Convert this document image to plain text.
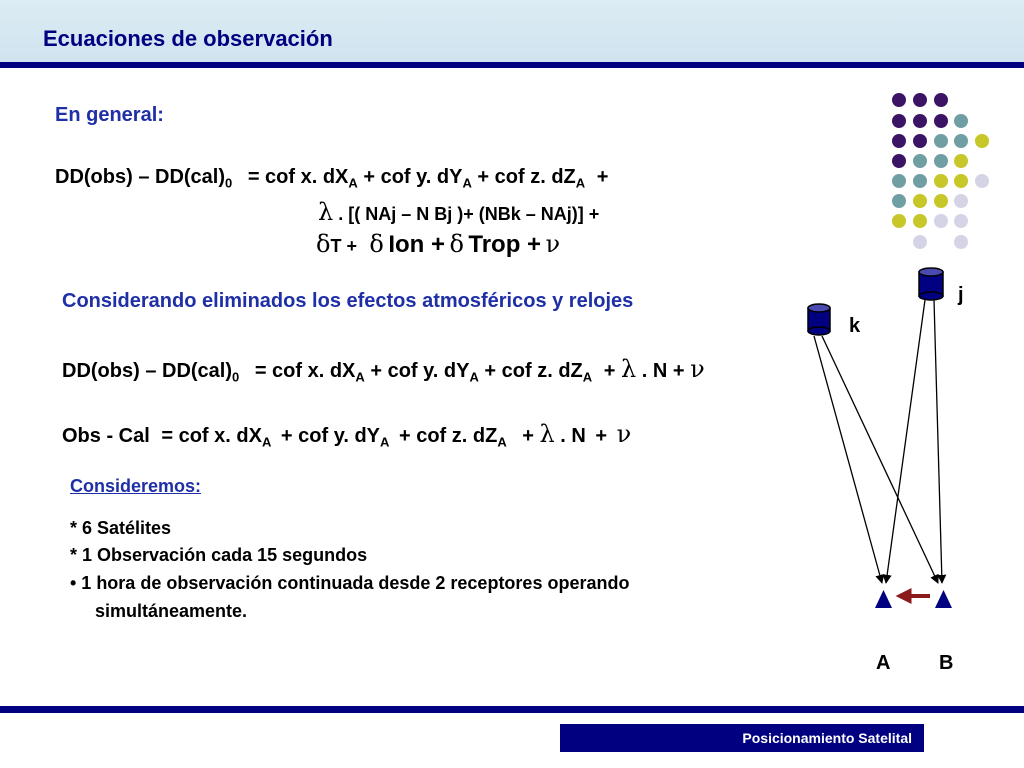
Ecuaciones de observación
En general:
$DD(obs) - DD(cal)_0$ = cof x. $dX_A$ + cof y. $dY_A$ + cof z. $dZ_A$ +
λ . [( NAj – N Bj )+ (NBk – NAj)] +
δT + δ Ion + δ Trop + ν
Considerando eliminados los efectos atmosféricos y relojes
$DD(obs) - DD(cal)_0$ = cof x. $dX_A$ + cof y. $dY_A$ + cof z. $dZ_A + \lambda$ . N + ν
Obs - Cal = cof x. $dX_A$ + cof y. $dY_A$ + cof z. $dZ_A + \lambda$ . N + ν
Consideremos:
* 6 Satélites
* 1 Observación cada 15 segundos
• 1 hora de observación continuada desde 2 receptores operando
simultáneamente.
j
k
A B
Posicionamiento Satelital
